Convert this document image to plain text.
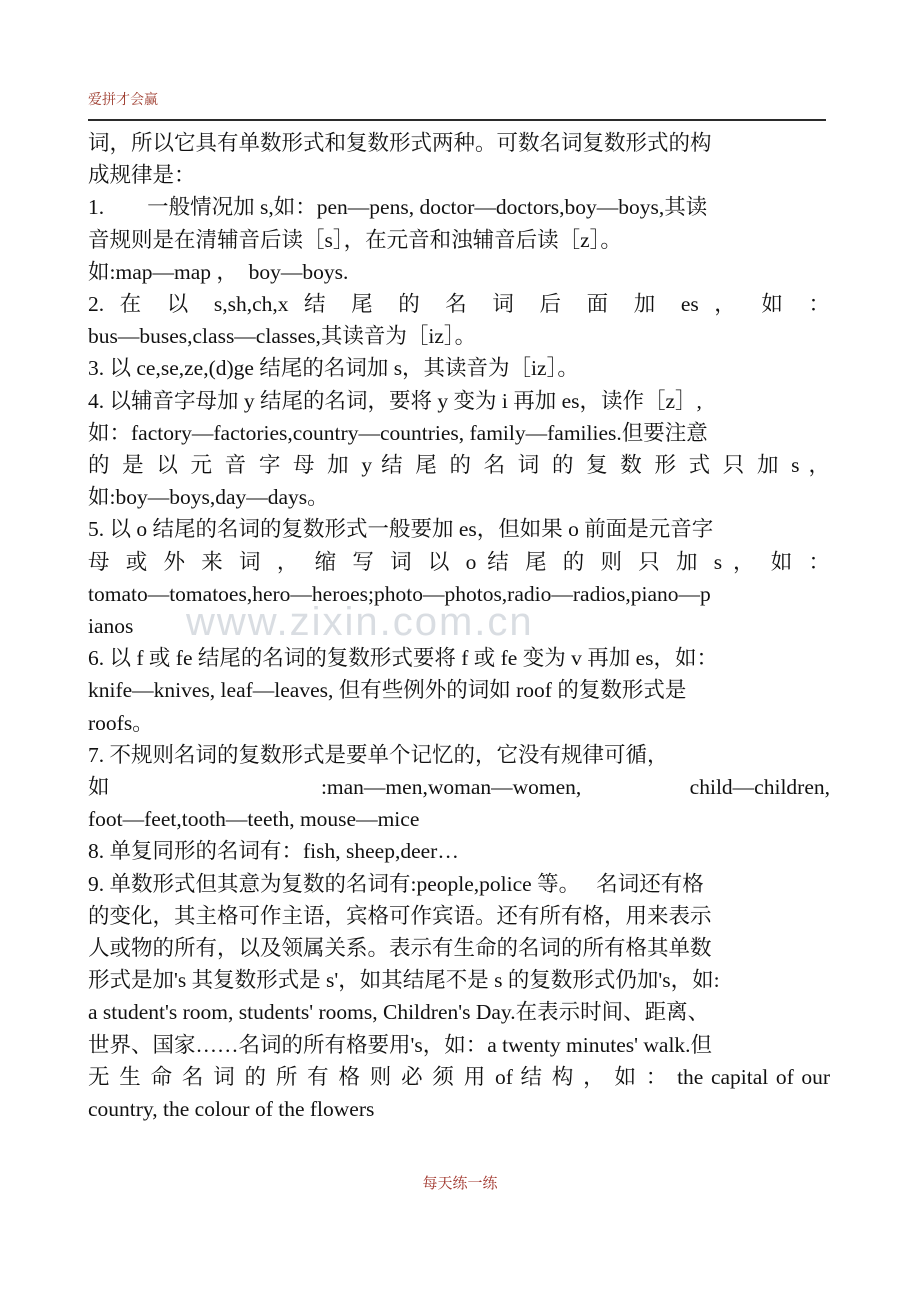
爱拼才会赢
www.zixin.com.cn
词，所以它具有单数形式和复数形式两种。可数名词复数形式的构
成规律是：
1.        一般情况加 s,如：pen—pens, doctor—doctors,boy—boys,其读
音规则是在清辅音后读［s］，在元音和浊辅音后读［z］。
如:map—map ，  boy—boys.
2. 在 以 s,sh,ch,x 结 尾 的 名 词 后 面 加 es ， 如 ：
bus—buses,class—classes,其读音为［iz］。
3. 以 ce,se,ze,(d)ge 结尾的名词加 s，其读音为［iz］。
4. 以辅音字母加 y 结尾的名词，要将 y 变为 i 再加 es，读作［z］,
如：factory—factories,country—countries, family—families.但要注意
的 是 以 元 音 字 母 加 y 结 尾 的 名 词 的 复 数 形 式 只 加 s ，
如:boy—boys,day—days。
5. 以 o 结尾的名词的复数形式一般要加 es，但如果 o 前面是元音字
母 或 外 来 词 ， 缩 写 词 以 o 结 尾 的 则 只 加 s ， 如 ：
tomato—tomatoes,hero—heroes;photo—photos,radio—radios,piano—p
ianos
6. 以 f 或 fe 结尾的名词的复数形式要将 f 或 fe 变为 v 再加 es，如：
knife—knives, leaf—leaves, 但有些例外的词如 roof 的复数形式是
roofs。
7. 不规则名词的复数形式是要单个记忆的，它没有规律可循，
如 :man—men,woman—women, child—children,
foot—feet,tooth—teeth, mouse—mice
8. 单复同形的名词有：fish, sheep,deer…
9. 单数形式但其意为复数的名词有:people,police 等。   名词还有格
的变化，其主格可作主语，宾格可作宾语。还有所有格，用来表示
人或物的所有，以及领属关系。表示有生命的名词的所有格其单数
形式是加's 其复数形式是 s'，如其结尾不是 s 的复数形式仍加's，如:
a student's room, students' rooms, Children's Day.在表示时间、距离、
世界、国家……名词的所有格要用's，如：a twenty minutes' walk.但
无 生 命 名 词 的 所 有 格 则 必 须 用 of 结 构 ， 如 ： the capital of our
country, the colour of the flowers
每天练一练
